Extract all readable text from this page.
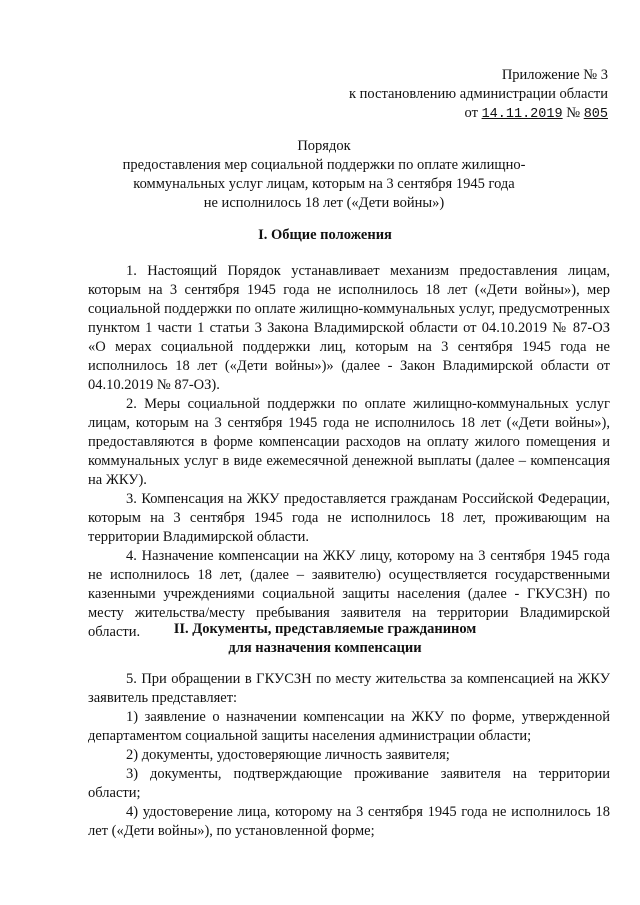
Приложение № 3
к постановлению администрации области
от 14.11.2019 № 805
Порядок
предоставления мер социальной поддержки по оплате жилищно-
коммунальных услуг лицам, которым на 3 сентября 1945 года
не исполнилось 18 лет («Дети войны»)
I. Общие положения

1. Настоящий Порядок устанавливает механизм предоставления лицам, которым на 3 сентября 1945 года не исполнилось 18 лет («Дети войны»), мер социальной поддержки по оплате жилищно-коммунальных услуг, предусмотренных пунктом 1 части 1 статьи 3 Закона Владимирской области от 04.10.2019 № 87-ОЗ «О мерах социальной поддержки лиц, которым на 3 сентября 1945 года не исполнилось 18 лет («Дети войны»)» (далее - Закон Владимирской области от 04.10.2019 № 87-ОЗ).

2. Меры социальной поддержки по оплате жилищно-коммунальных услуг лицам, которым на 3 сентября 1945 года не исполнилось 18 лет («Дети войны»), предоставляются в форме компенсации расходов на оплату жилого помещения и коммунальных услуг в виде ежемесячной денежной выплаты (далее – компенсация на ЖКУ).

3. Компенсация на ЖКУ предоставляется гражданам Российской Федерации, которым на 3 сентября 1945 года не исполнилось 18 лет, проживающим на территории Владимирской области.

4. Назначение компенсации на ЖКУ лицу, которому на 3 сентября 1945 года не исполнилось 18 лет, (далее – заявителю) осуществляется государственными казенными учреждениями социальной защиты населения (далее - ГКУСЗН) по месту жительства/месту пребывания заявителя на территории Владимирской области.	II. Документы, представляемые гражданином
для назначения компенсации

5. При обращении в ГКУСЗН по месту жительства за компенсацией на ЖКУ заявитель представляет:

1) заявление о назначении компенсации на ЖКУ по форме, утвержденной департаментом социальной защиты населения администрации области;

2) документы, удостоверяющие личность заявителя;

3) документы, подтверждающие проживание заявителя на территории области;

4) удостоверение лица, которому на 3 сентября 1945 года не исполнилось 18 лет («Дети войны»), по установленной форме;
